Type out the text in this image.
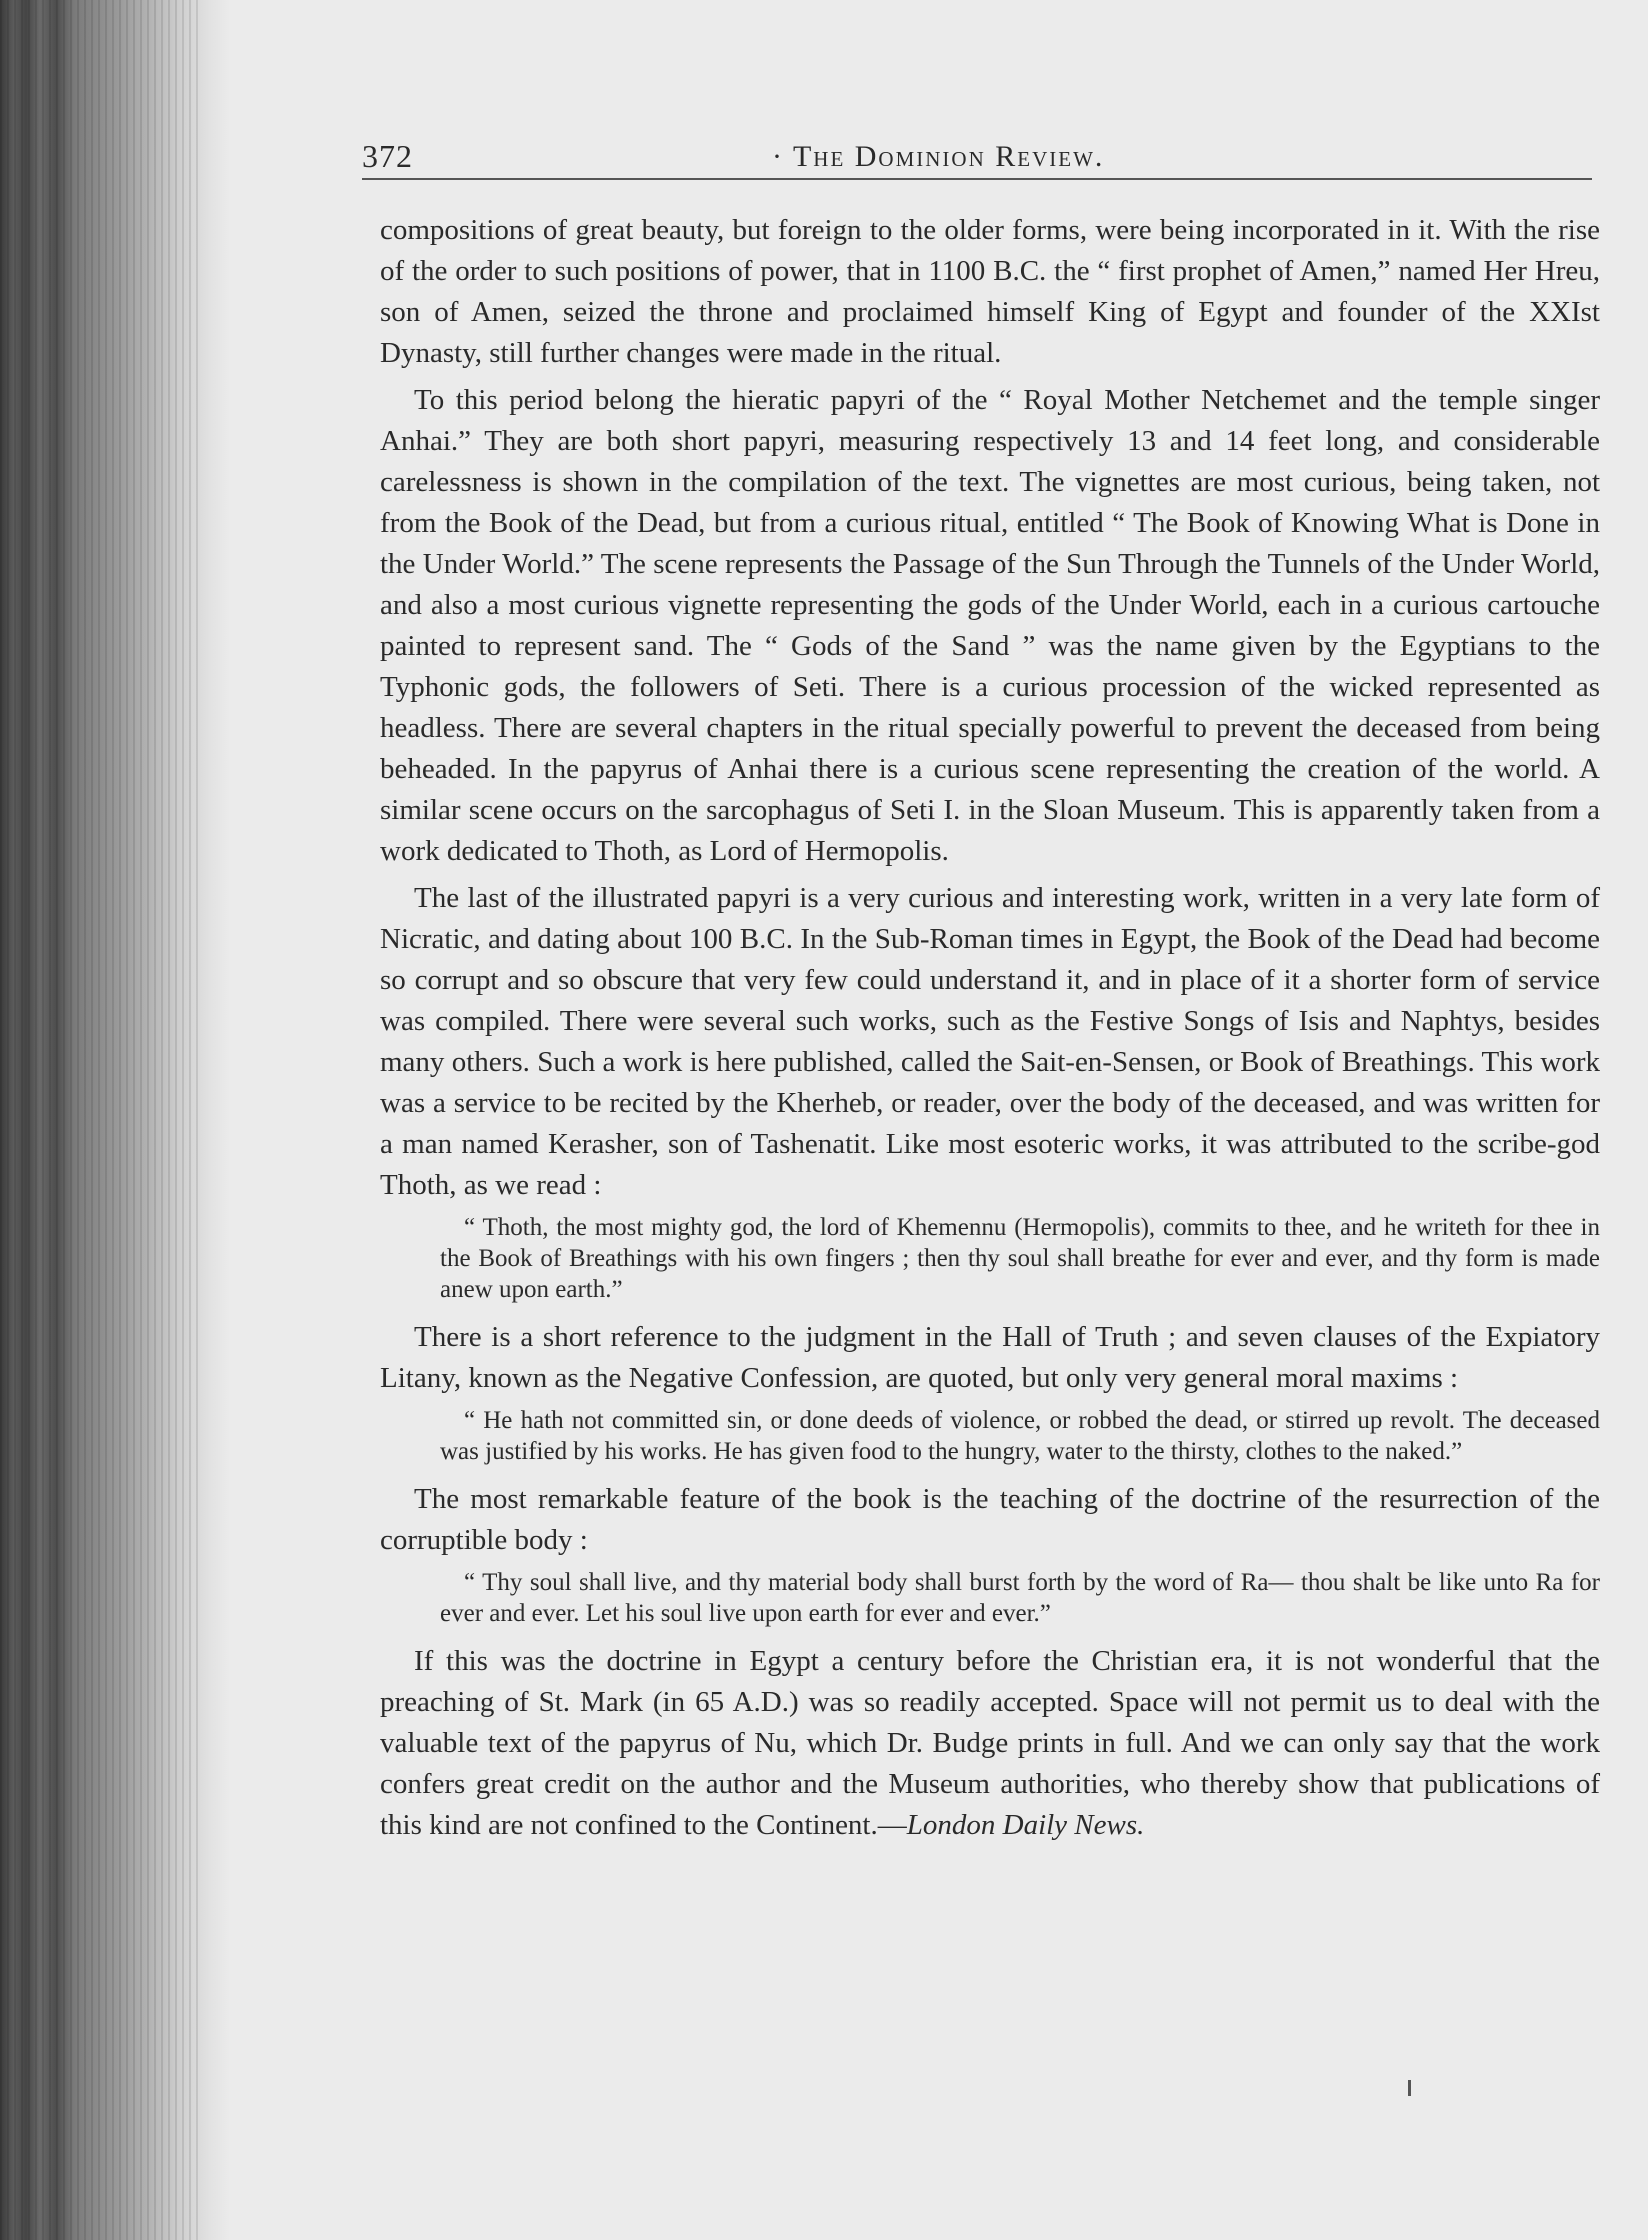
372	· The Dominion Review.

compositions of great beauty, but foreign to the older forms, were being incorporated in it. With the rise of the order to such positions of power, that in 1100 B.C. the “ first prophet of Amen,” named Her Hreu, son of Amen, seized the throne and proclaimed himself King of Egypt and founder of the XXIst Dynasty, still further changes were made in the ritual.

To this period belong the hieratic papyri of the “ Royal Mother Netchemet and the temple singer Anhai.” They are both short papyri, measuring respectively 13 and 14 feet long, and considerable carelessness is shown in the compilation of the text. The vignettes are most curious, being taken, not from the Book of the Dead, but from a curious ritual, entitled “ The Book of Knowing What is Done in the Under World.” The scene represents the Passage of the Sun Through the Tunnels of the Under World, and also a most curious vignette representing the gods of the Under World, each in a curious cartouche painted to represent sand. The “ Gods of the Sand ” was the name given by the Egyptians to the Typhonic gods, the followers of Seti. There is a curious procession of the wicked represented as headless. There are several chapters in the ritual specially powerful to prevent the deceased from being beheaded. In the papyrus of Anhai there is a curious scene representing the creation of the world. A similar scene occurs on the sarcophagus of Seti I. in the Sloan Museum. This is apparently taken from a work dedicated to Thoth, as Lord of Hermopolis.

The last of the illustrated papyri is a very curious and interesting work, written in a very late form of Nicratic, and dating about 100 B.C. In the Sub-Roman times in Egypt, the Book of the Dead had become so corrupt and so obscure that very few could understand it, and in place of it a shorter form of service was compiled. There were several such works, such as the Festive Songs of Isis and Naphtys, besides many others. Such a work is here published, called the Sait-en-Sensen, or Book of Breathings. This work was a service to be recited by the Kherheb, or reader, over the body of the deceased, and was written for a man named Kerasher, son of Tashenatit. Like most esoteric works, it was attributed to the scribe-god Thoth, as we read :

“ Thoth, the most mighty god, the lord of Khemennu (Hermopolis), commits to thee, and he writeth for thee in the Book of Breathings with his own fingers ; then thy soul shall breathe for ever and ever, and thy form is made anew upon earth.”

There is a short reference to the judgment in the Hall of Truth ; and seven clauses of the Expiatory Litany, known as the Negative Confession, are quoted, but only very general moral maxims :

“ He hath not committed sin, or done deeds of violence, or robbed the dead, or stirred up revolt. The deceased was justified by his works. He has given food to the hungry, water to the thirsty, clothes to the naked.”

The most remarkable feature of the book is the teaching of the doctrine of the resurrection of the corruptible body :

“ Thy soul shall live, and thy material body shall burst forth by the word of Ra— thou shalt be like unto Ra for ever and ever. Let his soul live upon earth for ever and ever.”

If this was the doctrine in Egypt a century before the Christian era, it is not wonderful that the preaching of St. Mark (in 65 A.D.) was so readily accepted. Space will not permit us to deal with the valuable text of the papyrus of Nu, which Dr. Budge prints in full. And we can only say that the work confers great credit on the author and the Museum authorities, who thereby show that publications of this kind are not confined to the Continent.—London Daily News.
